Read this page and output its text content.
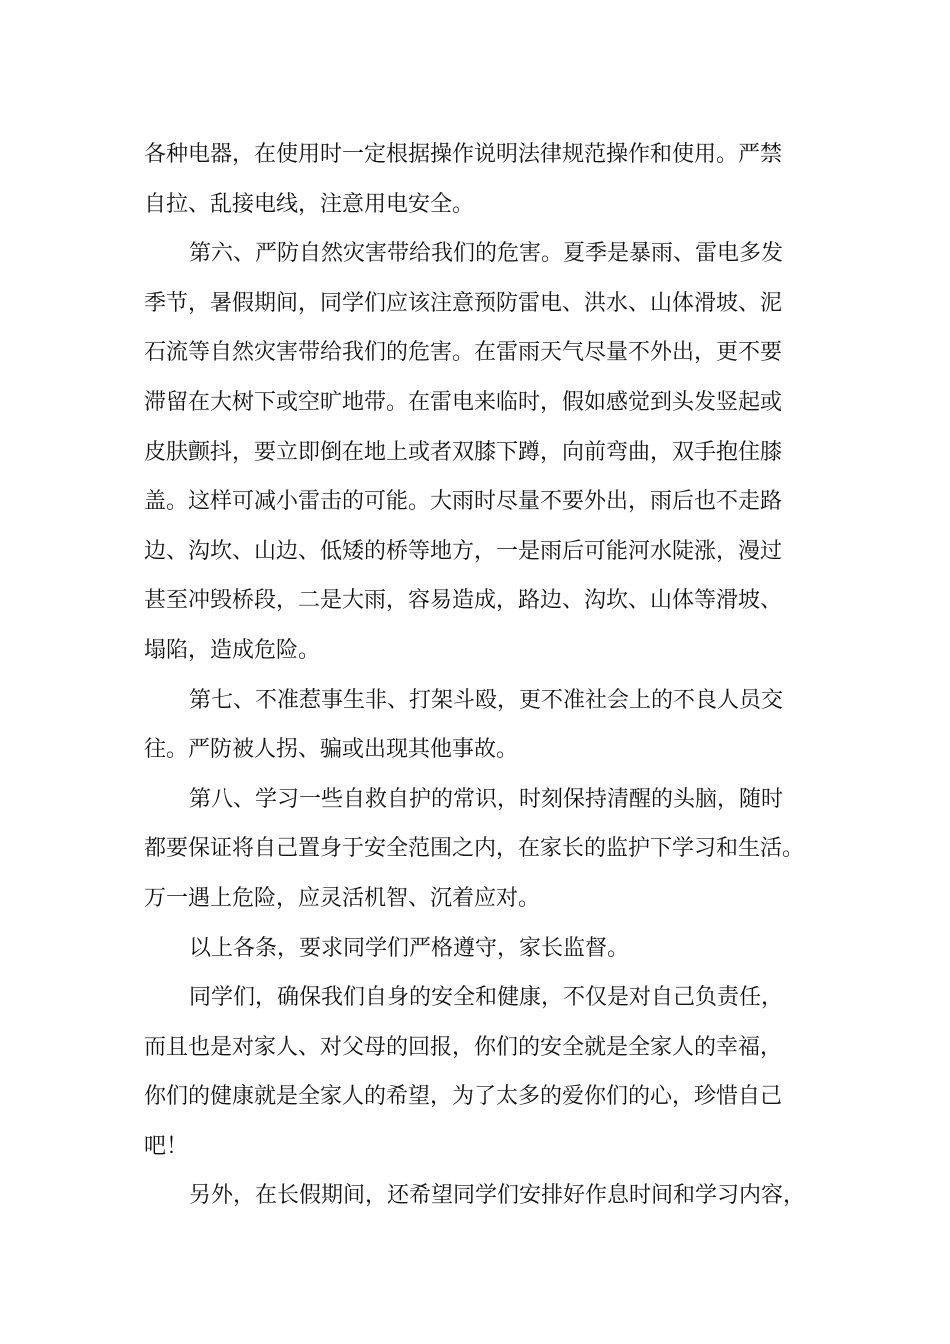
各种电器，在使用时一定根据操作说明法律规范操作和使用。严禁
自拉、乱接电线，注意用电安全。
第六、严防自然灾害带给我们的危害。夏季是暴雨、雷电多发
季节，暑假期间，同学们应该注意预防雷电、洪水、山体滑坡、泥
石流等自然灾害带给我们的危害。在雷雨天气尽量不外出，更不要
滞留在大树下或空旷地带。在雷电来临时，假如感觉到头发竖起或
皮肤颤抖，要立即倒在地上或者双膝下蹲，向前弯曲，双手抱住膝
盖。这样可减小雷击的可能。大雨时尽量不要外出，雨后也不走路
边、沟坎、山边、低矮的桥等地方，一是雨后可能河水陡涨，漫过
甚至冲毁桥段，二是大雨，容易造成，路边、沟坎、山体等滑坡、
塌陷，造成危险。
第七、不准惹事生非、打架斗殴，更不准社会上的不良人员交
往。严防被人拐、骗或出现其他事故。
第八、学习一些自救自护的常识，时刻保持清醒的头脑，随时
都要保证将自己置身于安全范围之内，在家长的监护下学习和生活。
万一遇上危险，应灵活机智、沉着应对。
以上各条，要求同学们严格遵守，家长监督。
同学们，确保我们自身的安全和健康，不仅是对自己负责任，
而且也是对家人、对父母的回报，你们的安全就是全家人的幸福，
你们的健康就是全家人的希望，为了太多的爱你们的心，珍惜自己
吧！
另外，在长假期间，还希望同学们安排好作息时间和学习内容，
